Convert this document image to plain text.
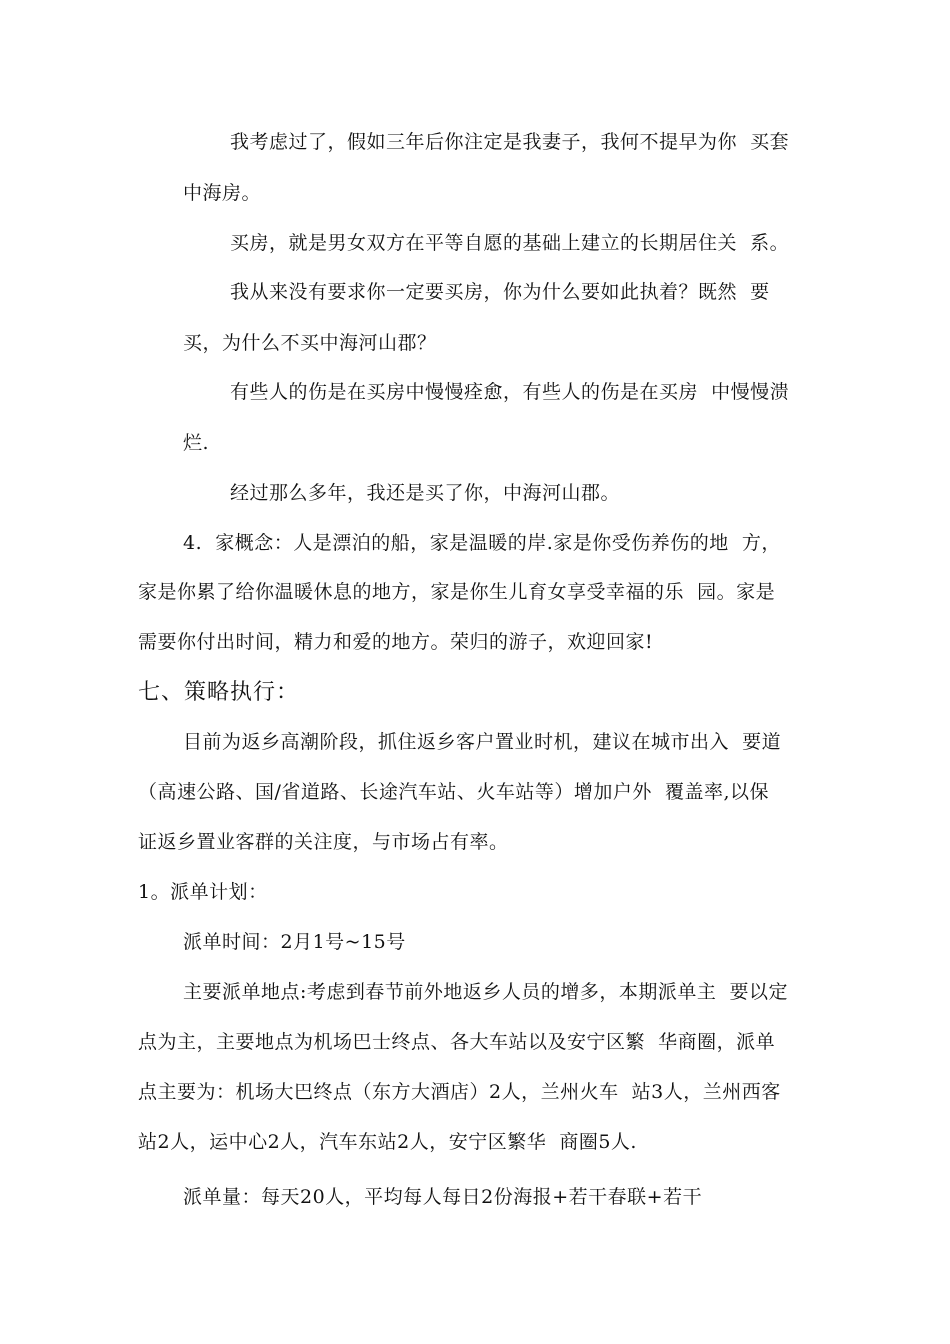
我考虑过了，假如三年后你注定是我妻子，我何不提早为你  买套
中海房。
买房，就是男女双方在平等自愿的基础上建立的长期居住关  系。
我从来没有要求你一定要买房，你为什么要如此执着？既然  要
买，为什么不买中海河山郡？
有些人的伤是在买房中慢慢痊愈，有些人的伤是在买房  中慢慢溃
烂.
经过那么多年，我还是买了你，中海河山郡。
4.  家概念：人是漂泊的船，家是温暖的岸.家是你受伤养伤的地  方，
家是你累了给你温暖休息的地方，家是你生儿育女享受幸福的乐  园。家是
需要你付出时间，精力和爱的地方。荣归的游子，欢迎回家!
七、策略执行：
目前为返乡高潮阶段，抓住返乡客户置业时机，建议在城市出入  要道
（高速公路、国/省道路、长途汽车站、火车站等）增加户外  覆盖率,以保
证返乡置业客群的关注度，与市场占有率。
1。派单计划：
派单时间：2月1号~15号
主要派单地点:考虑到春节前外地返乡人员的增多，本期派单主  要以定
点为主，主要地点为机场巴士终点、各大车站以及安宁区繁  华商圈，派单
点主要为：机场大巴终点（东方大酒店）2人，兰州火车  站3人，兰州西客
站2人，运中心2人，汽车东站2人，安宁区繁华  商圈5人.
派单量：每天20人，平均每人每日2份海报+若干春联+若干
